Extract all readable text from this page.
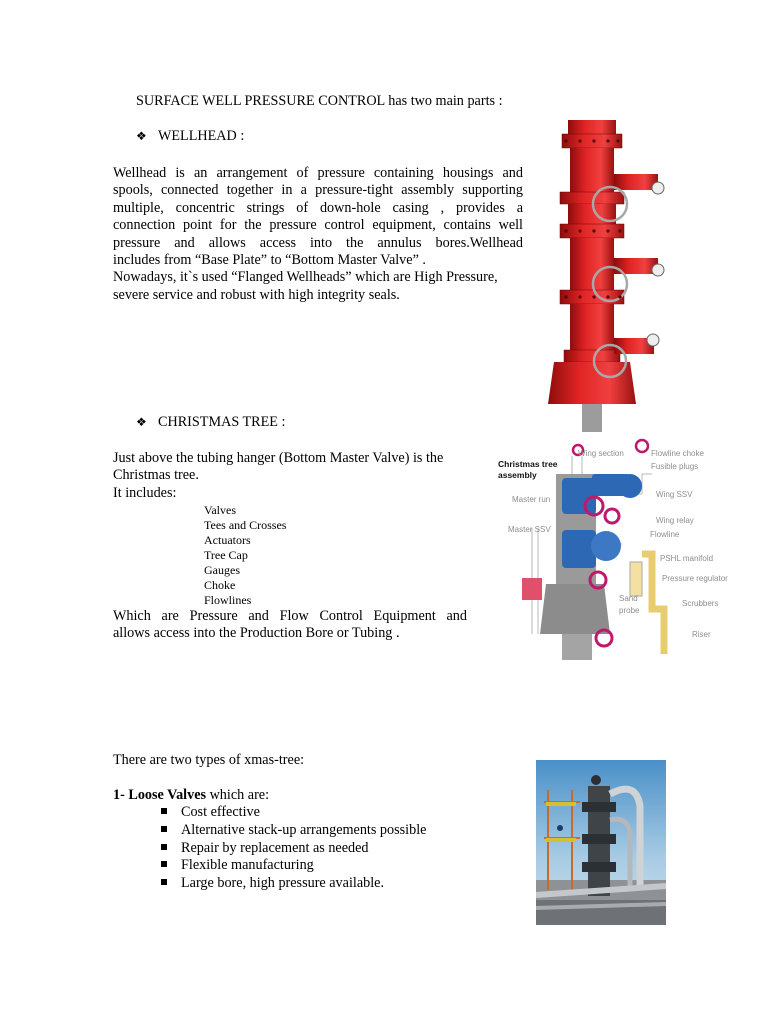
SURFACE WELL PRESSURE CONTROL has two main parts :
❖ WELLHEAD :
Wellhead is an arrangement of pressure containing housings and
spools, connected together in a pressure-tight assembly supporting
multiple, concentric strings of down-hole casing , provides a
connection point for the pressure control equipment, contains well
pressure and allows access into the annulus bores.Wellhead
includes from “Base Plate” to “Bottom Master Valve” .
Nowadays, it`s used “Flanged Wellheads” which are High Pressure,
severe service and robust with high integrity seals.
❖ CHRISTMAS TREE :
Just above the tubing hanger (Bottom Master Valve) is the
Christmas tree.
It includes:
Valves
Tees and Crosses
Actuators
Tree Cap
Gauges
Choke
Flowlines
Which are Pressure and Flow Control Equipment and
allows access into the Production Bore or Tubing .
Christmas tree
assembly
Wing section	Flowline choke
Fusible plugs
Master run
Wing SSV
Wing relay
Master SSV
Flowline
PSHL manifold
Pressure regulator
Sand
probe
Scrubbers
Riser
There are two types of xmas-tree:
1- Loose Valves which are:
Cost effective
Alternative stack-up arrangements possible
Repair by replacement as needed
Flexible manufacturing
Large bore, high pressure available.
